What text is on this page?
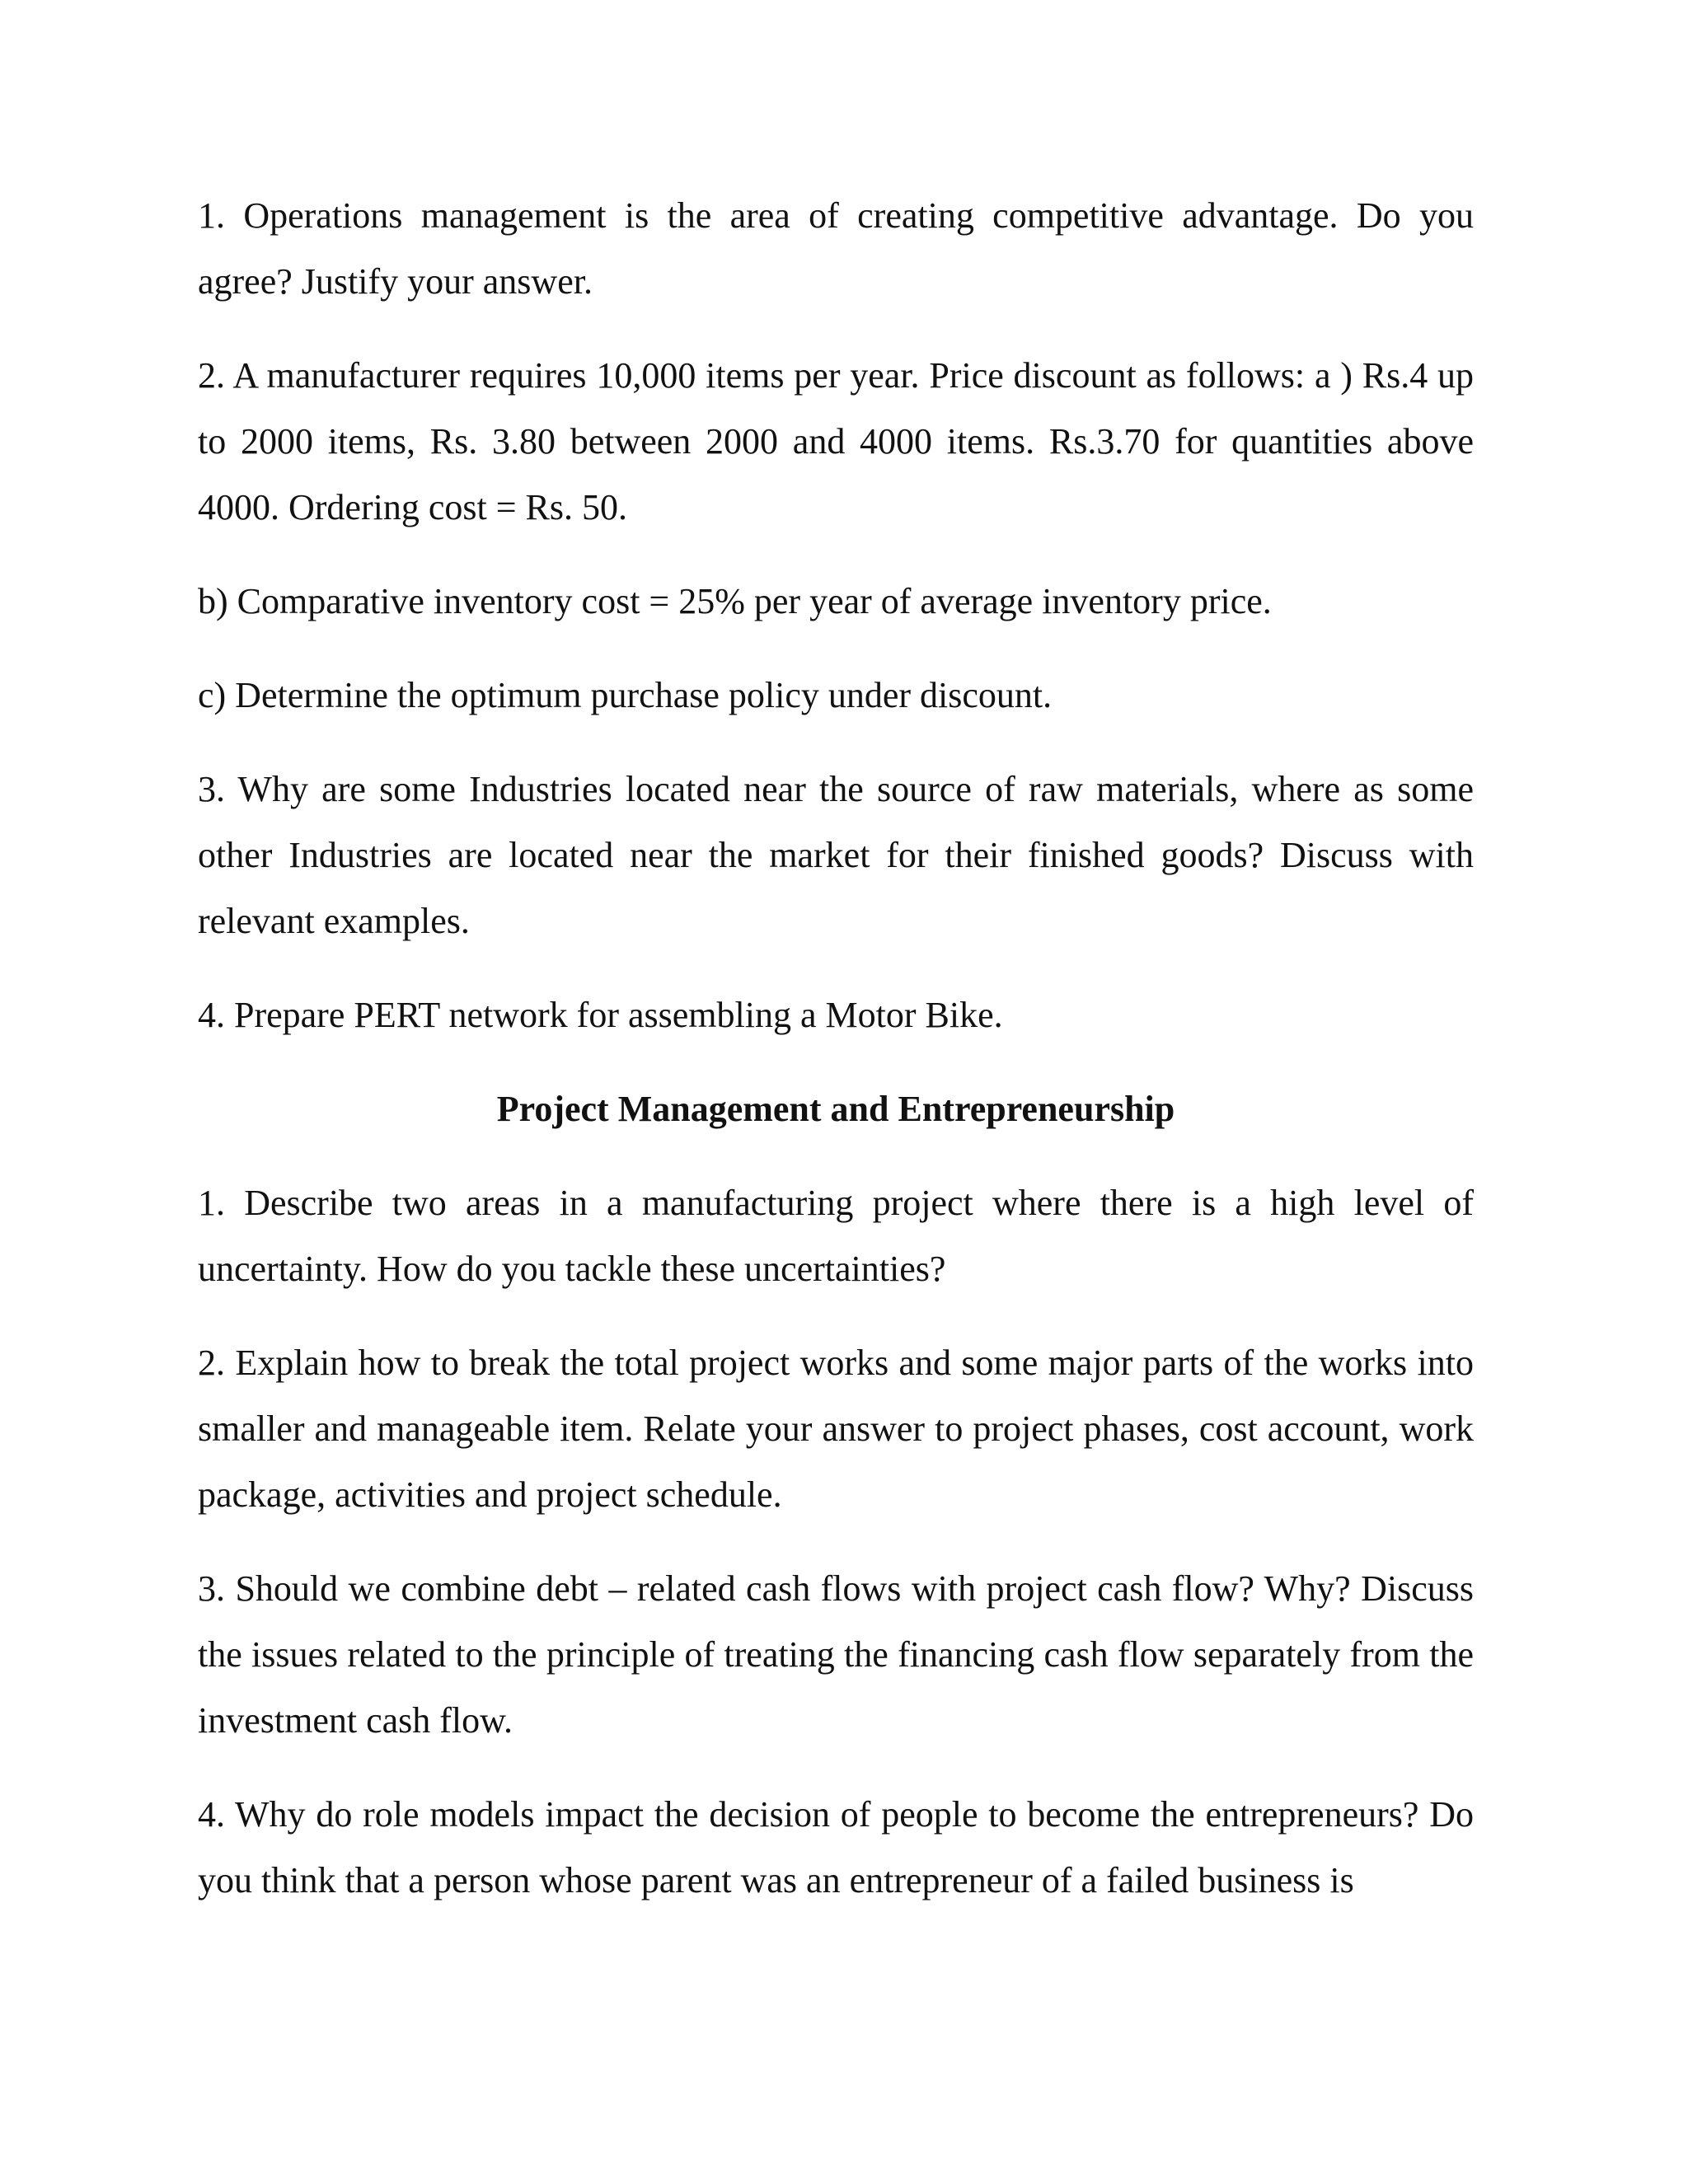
1. Operations management is the area of creating competitive advantage. Do you agree? Justify your answer.

2. A manufacturer requires 10,000 items per year. Price discount as follows: a ) Rs.4 up to 2000 items, Rs. 3.80 between 2000 and 4000 items. Rs.3.70 for quantities above 4000. Ordering cost = Rs. 50.

b) Comparative inventory cost = 25% per year of average inventory price.

c) Determine the optimum purchase policy under discount.

3. Why are some Industries located near the source of raw materials, where as some other Industries are located near the market for their finished goods? Discuss with relevant examples.

4. Prepare PERT network for assembling a Motor Bike.

Project Management and Entrepreneurship

1. Describe two areas in a manufacturing project where there is a high level of uncertainty. How do you tackle these uncertainties?

2. Explain how to break the total project works and some major parts of the works into smaller and manageable item. Relate your answer to project phases, cost account, work package, activities and project schedule.

3. Should we combine debt – related cash flows with project cash flow? Why? Discuss the issues related to the principle of treating the financing cash flow separately from the investment cash flow.

4. Why do role models impact the decision of people to become the entrepreneurs? Do you think that a person whose parent was an entrepreneur of a failed business is
